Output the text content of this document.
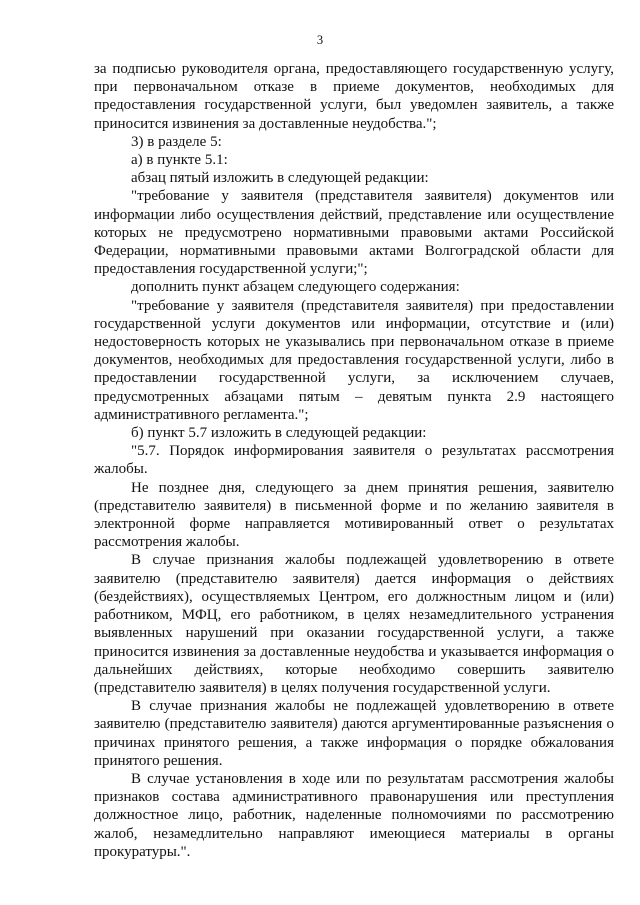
3

за подписью руководителя органа, предоставляющего государственную услугу, при первоначальном отказе в приеме документов, необходимых для предоставления государственной услуги, был уведомлен заявитель, а также приносится извинения за доставленные неудобства.";

3) в разделе 5:

а) в пункте 5.1:

абзац пятый изложить в следующей редакции:

"требование у заявителя (представителя заявителя) документов или информации либо осуществления действий, представление или осуществление которых не предусмотрено нормативными правовыми актами Российской Федерации, нормативными правовыми актами Волгоградской области для предоставления государственной услуги;";

дополнить пункт абзацем следующего содержания:

"требование у заявителя (представителя заявителя) при предоставлении государственной услуги документов или информации, отсутствие и (или) недостоверность которых не указывались при первоначальном отказе в приеме документов, необходимых для предоставления государственной услуги, либо в предоставлении государственной услуги, за исключением случаев, предусмотренных абзацами пятым – девятым пункта 2.9 настоящего административного регламента.";

б) пункт 5.7 изложить в следующей редакции:

"5.7. Порядок информирования заявителя о результатах рассмотрения жалобы.

Не позднее дня, следующего за днем принятия решения, заявителю (представителю заявителя) в письменной форме и по желанию заявителя в электронной форме направляется мотивированный ответ о результатах рассмотрения жалобы.

В случае признания жалобы подлежащей удовлетворению в ответе заявителю (представителю заявителя) дается информация о действиях (бездействиях), осуществляемых Центром, его должностным лицом и (или) работником, МФЦ, его работником, в целях незамедлительного устранения выявленных нарушений при оказании государственной услуги, а также приносится извинения за доставленные неудобства и указывается информация о дальнейших действиях, которые необходимо совершить заявителю (представителю заявителя) в целях получения государственной услуги.

В случае признания жалобы не подлежащей удовлетворению в ответе заявителю (представителю заявителя) даются аргументированные разъяснения о причинах принятого решения, а также информация о порядке обжалования принятого решения.

В случае установления в ходе или по результатам рассмотрения жалобы признаков состава административного правонарушения или преступления должностное лицо, работник, наделенные полномочиями по рассмотрению жалоб, незамедлительно направляют имеющиеся материалы в органы прокуратуры.".
